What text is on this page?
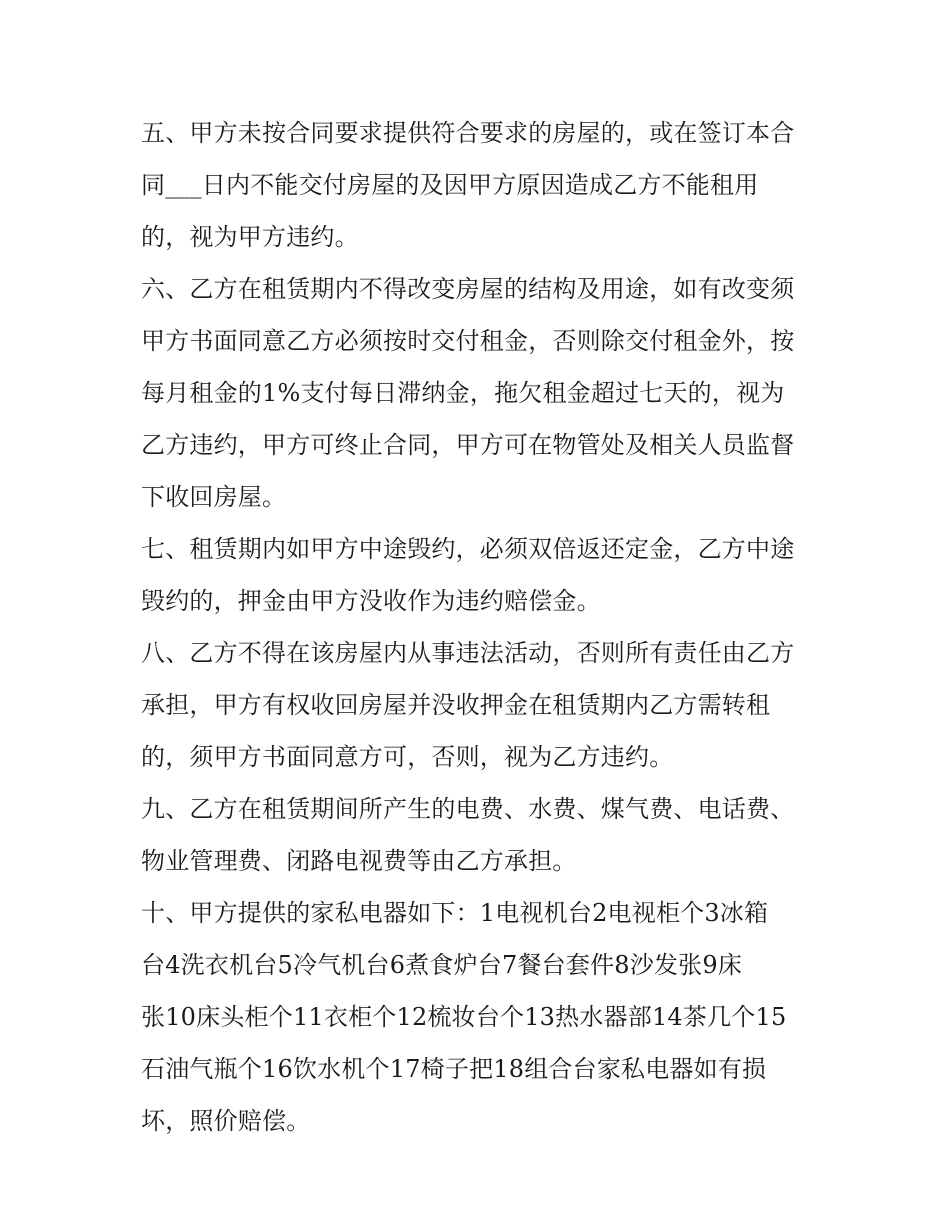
五、甲方未按合同要求提供符合要求的房屋的，或在签订本合
同___日内不能交付房屋的及因甲方原因造成乙方不能租用
的，视为甲方违约。
六、乙方在租赁期内不得改变房屋的结构及用途，如有改变须
甲方书面同意乙方必须按时交付租金，否则除交付租金外，按
每月租金的1%支付每日滞纳金，拖欠租金超过七天的，视为
乙方违约，甲方可终止合同，甲方可在物管处及相关人员监督
下收回房屋。
七、租赁期内如甲方中途毁约，必须双倍返还定金，乙方中途
毁约的，押金由甲方没收作为违约赔偿金。
八、乙方不得在该房屋内从事违法活动，否则所有责任由乙方
承担，甲方有权收回房屋并没收押金在租赁期内乙方需转租
的，须甲方书面同意方可，否则，视为乙方违约。
九、乙方在租赁期间所产生的电费、水费、煤气费、电话费、
物业管理费、闭路电视费等由乙方承担。
十、甲方提供的家私电器如下：1电视机台2电视柜个3冰箱
台4洗衣机台5冷气机台6煮食炉台7餐台套件8沙发张9床
张10床头柜个11衣柜个12梳妆台个13热水器部14茶几个15
石油气瓶个16饮水机个17椅子把18组合台家私电器如有损
坏，照价赔偿。
